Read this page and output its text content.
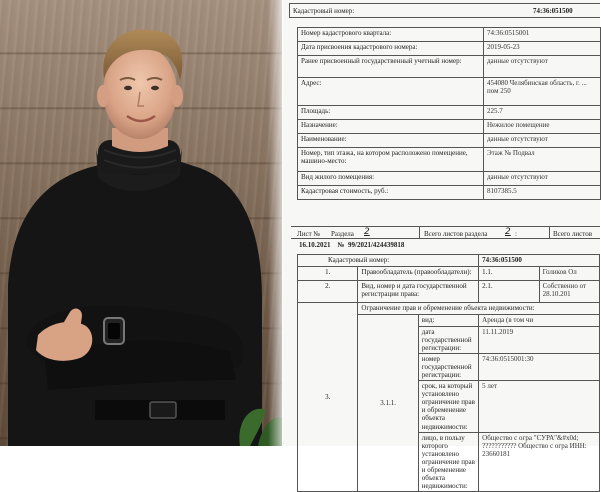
Кадастровый номер:	74:36:051500
Номер кадастрового квартала:	74:36:0515001
Дата присвоения кадастрового номера:	2019-05-23
Ранее присвоенный государственный учетный номер:	данные отсутствуют
Адрес:	454080 Челябинская область, г. ... пом 250
Площадь:	225.7
Назначение:	Нежилое помещение
Наименование:	данные отсутствуют
Номер, тип этажа, на котором расположено помещение, машино-место:	Этаж № Подвал
Вид жилого помещения:	данные отсутствуют
Кадастровая стоимость, руб.:	8107385.5
Лист № Раздела 2	Всего листов раздела 2 :	Всего листов
16.10.2021 № 99/2021/424439818
Кадастровый номер:			74:36:051500	
1.	Правообладатель (правообладатели):		1.1.	Голиков Ол
2.	Вид, номер и дата государственной регистрации права:		2.1.	Собственно от 28.10.201
3.	Ограничение прав и обременение объекта недвижимости:			
	3.1.1.	вид:	Аренда (в том чи	
		дата государственной регистрации:	11.11.2019	
		номер государственной регистрации:	74:36:0515001:30	
		срок, на который установлено ограничение прав и обременение объекта недвижимости:	5 лет	
		лицо, в пользу которого установлено ограничение прав и обременение объекта недвижимости:	Общество с огра "СУРА"&#x0d; ??????????? Общество с огра ИНН: 23660181	
